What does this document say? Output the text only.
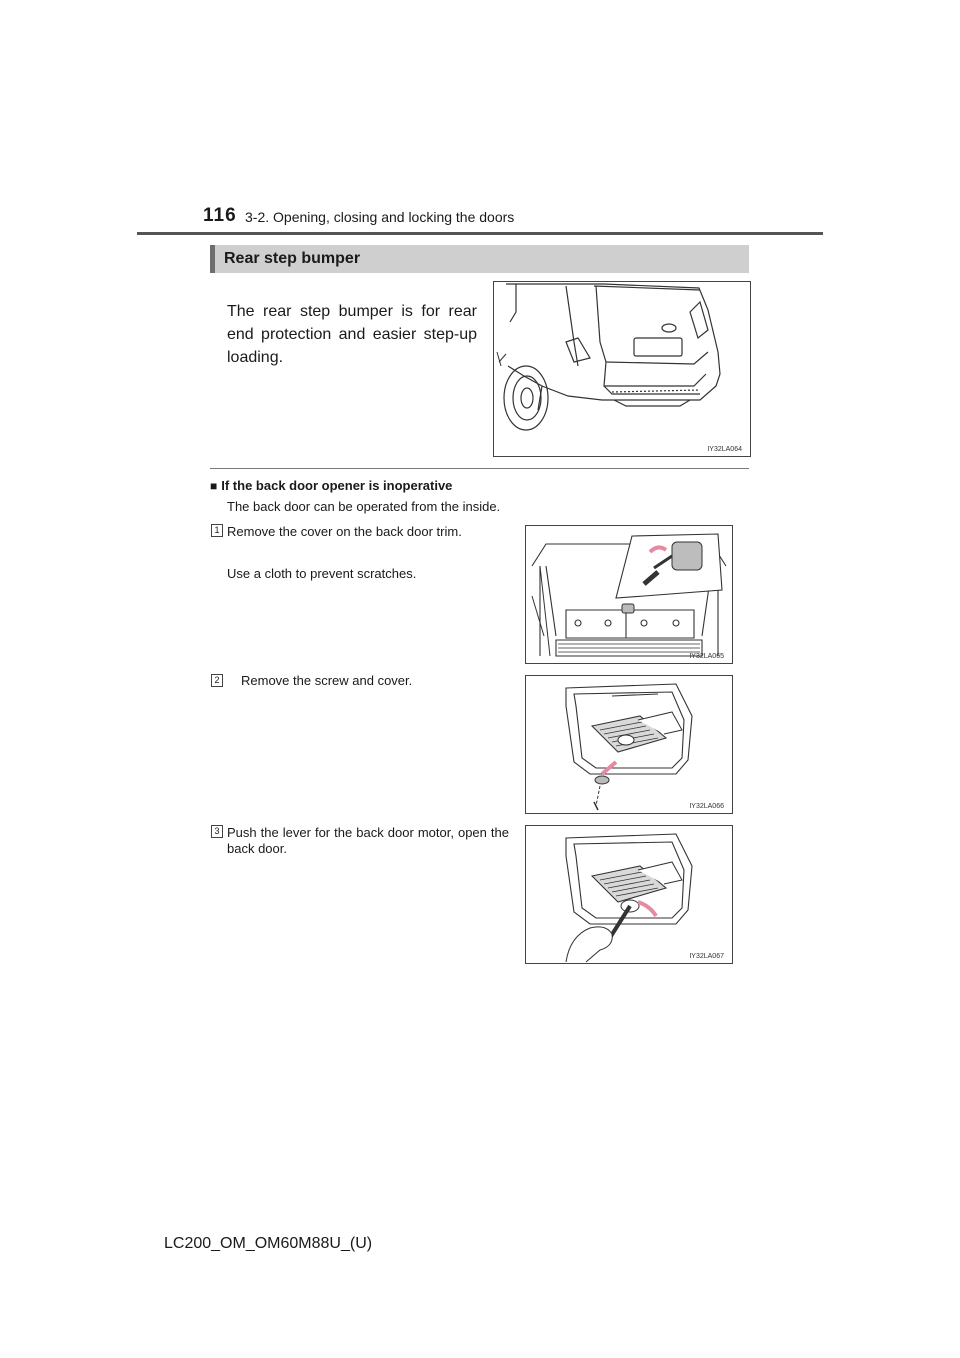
116 3-2. Opening, closing and locking the doors
Rear step bumper
The rear step bumper is for rear end protection and easier step-up loading.
IY32LA064
■ If the back door opener is inoperative
The back door can be operated from the inside.
1 Remove the cover on the back door trim.
Use a cloth to prevent scratches.
IY32LA065
2 Remove the screw and cover.
IY32LA066
3 Push the lever for the back door motor, open the back door.
IY32LA067
LC200_OM_OM60M88U_(U)
